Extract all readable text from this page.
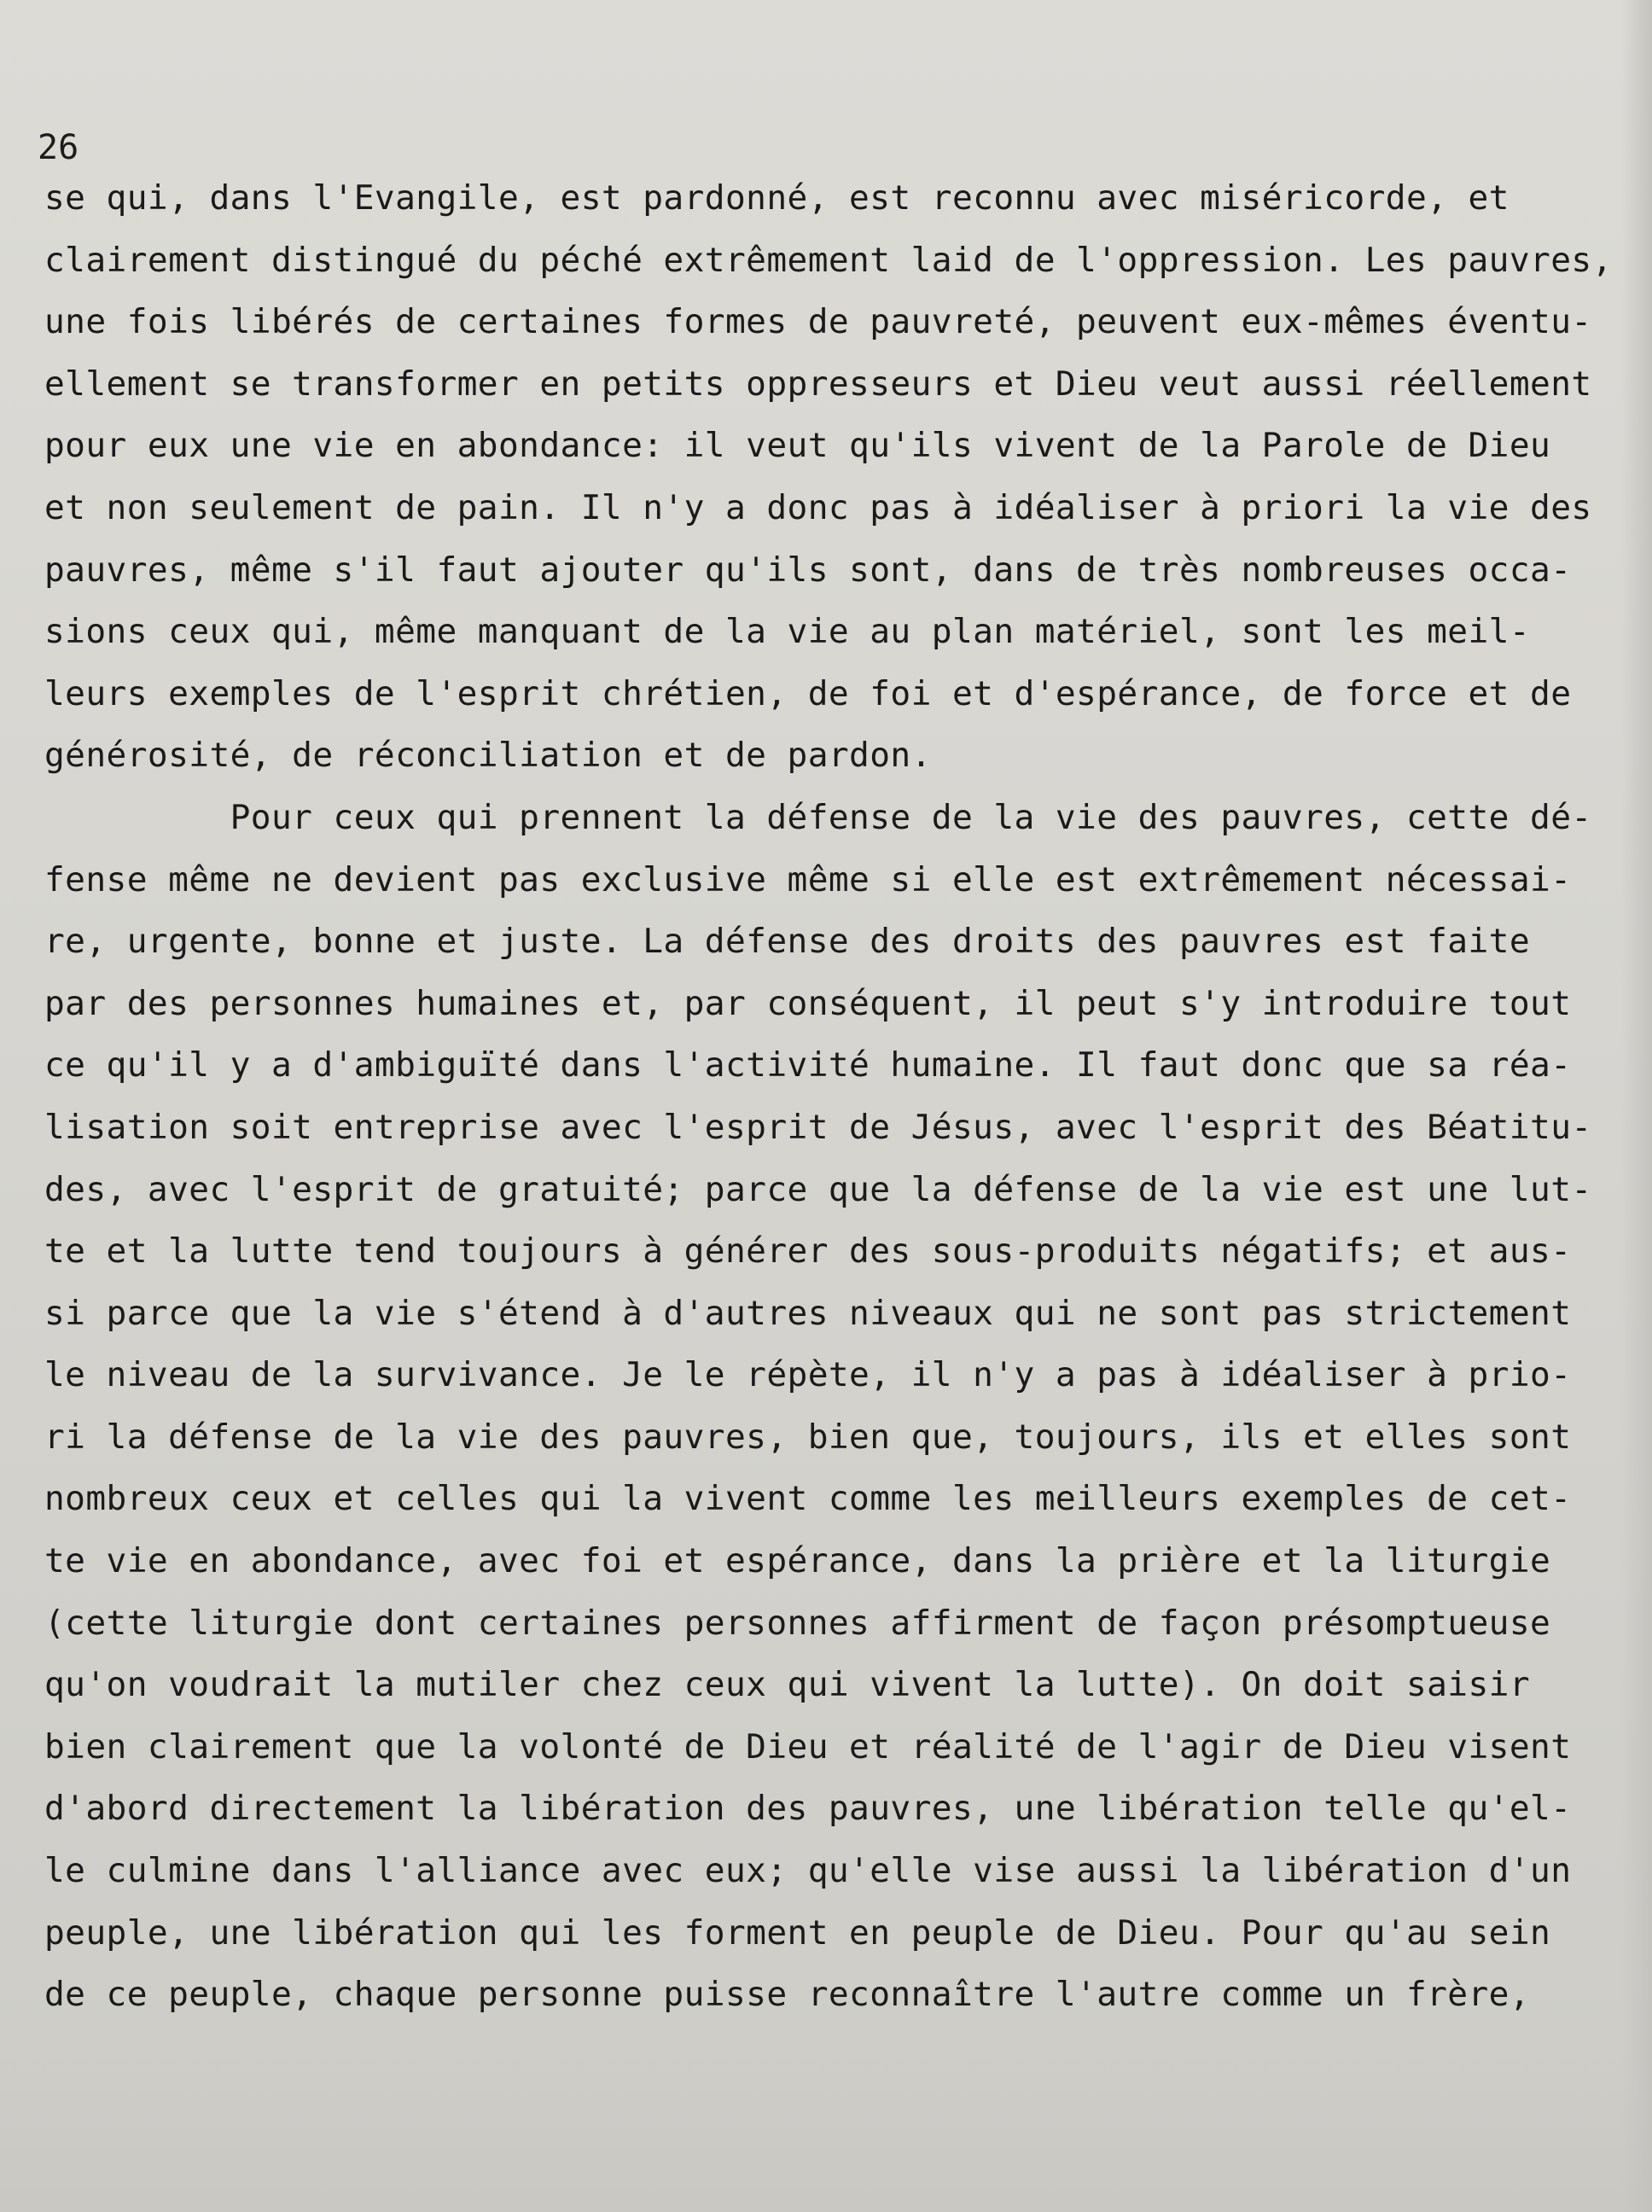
26

se qui, dans l'Evangile, est pardonné, est reconnu avec miséricorde, et
clairement distingué du péché extrêmement laid de l'oppression. Les pauvres,
une fois libérés de certaines formes de pauvreté, peuvent eux-mêmes éventu-
ellement se transformer en petits oppresseurs et Dieu veut aussi réellement
pour eux une vie en abondance: il veut qu'ils vivent de la Parole de Dieu
et non seulement de pain. Il n'y a donc pas à idéaliser à priori la vie des
pauvres, même s'il faut ajouter qu'ils sont, dans de très nombreuses occa-
sions ceux qui, même manquant de la vie au plan matériel, sont les meil-
leurs exemples de l'esprit chrétien, de foi et d'espérance, de force et de
générosité, de réconciliation et de pardon.
Pour ceux qui prennent la défense de la vie des pauvres, cette dé-
fense même ne devient pas exclusive même si elle est extrêmement nécessai-
re, urgente, bonne et juste. La défense des droits des pauvres est faite
par des personnes humaines et, par conséquent, il peut s'y introduire tout
ce qu'il y a d'ambiguïté dans l'activité humaine. Il faut donc que sa réa-
lisation soit entreprise avec l'esprit de Jésus, avec l'esprit des Béatitu-
des, avec l'esprit de gratuité; parce que la défense de la vie est une lut-
te et la lutte tend toujours à générer des sous-produits négatifs; et aus-
si parce que la vie s'étend à d'autres niveaux qui ne sont pas strictement
le niveau de la survivance. Je le répète, il n'y a pas à idéaliser à prio-
ri la défense de la vie des pauvres, bien que, toujours, ils et elles sont
nombreux ceux et celles qui la vivent comme les meilleurs exemples de cet-
te vie en abondance, avec foi et espérance, dans la prière et la liturgie
(cette liturgie dont certaines personnes affirment de façon présomptueuse
qu'on voudrait la mutiler chez ceux qui vivent la lutte). On doit saisir
bien clairement que la volonté de Dieu et réalité de l'agir de Dieu visent
d'abord directement la libération des pauvres, une libération telle qu'el-
le culmine dans l'alliance avec eux; qu'elle vise aussi la libération d'un
peuple, une libération qui les forment en peuple de Dieu. Pour qu'au sein
de ce peuple, chaque personne puisse reconnaître l'autre comme un frère,
